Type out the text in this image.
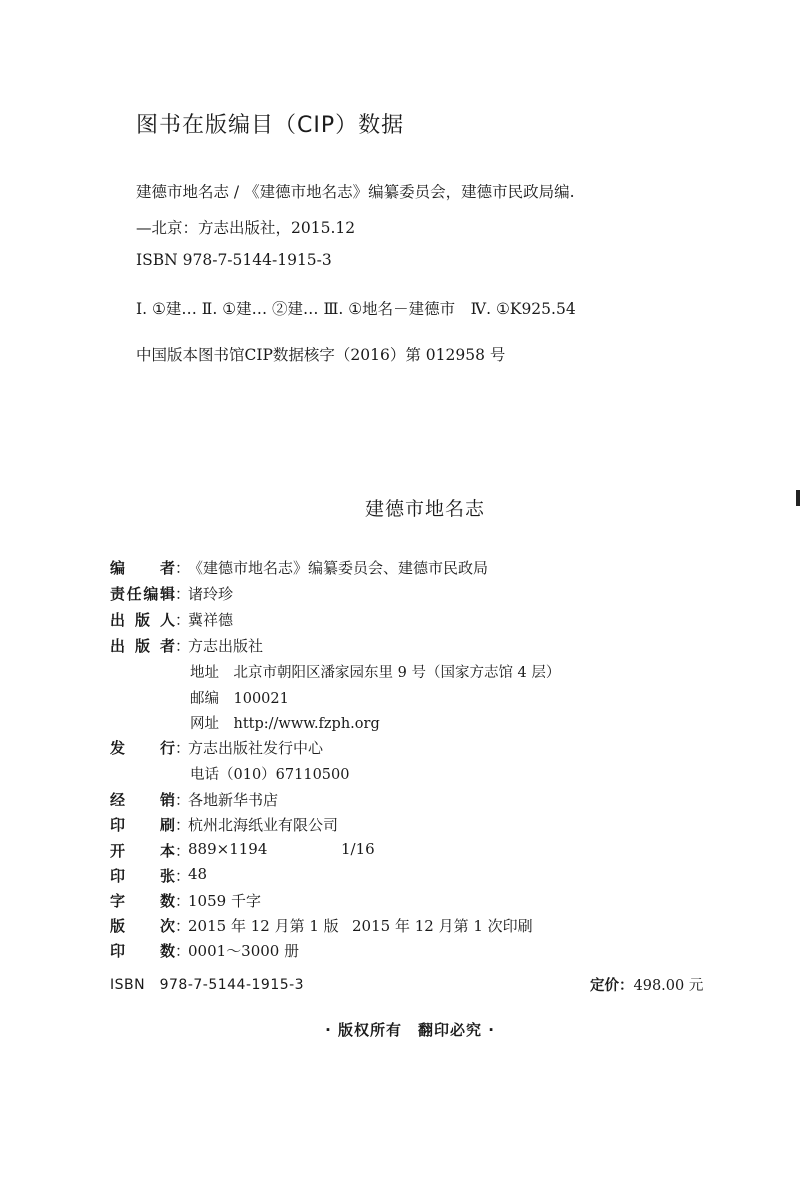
图书在版编目（CIP）数据
建德市地名志 / 《建德市地名志》编纂委员会，建德市民政局编.
—北京：方志出版社，2015.12
ISBN 978-7-5144-1915-3
Ⅰ. ①建… Ⅱ. ①建… ②建… Ⅲ. ①地名－建德市　Ⅳ. ①K925.54
中国版本图书馆CIP数据核字（2016）第 012958 号
建德市地名志
编　　者 ：
《建德市地名志》编纂委员会、建德市民政局
责任编辑 ：
诸玲珍
出 版 人 ：
冀祥德
出 版 者 ：
方志出版社
地址　北京市朝阳区潘家园东里 9 号（国家方志馆 4 层）
邮编　100021
网址　http://www.fzph.org
发　　行 ：
方志出版社发行中心
电话（010）67110500
经　　销 ：
各地新华书店
印　　刷 ：
杭州北海纸业有限公司
开　　本 ：
889×1194	1/16
印　　张 ：
48
字　　数 ：
1059 千字
版　　次 ：
2015 年 12 月第 1 版 2015 年 12 月第 1 次印刷
印　　数 ：
0001～3000 册
ISBN　978-7-5144-1915-3	定价：498.00 元
· 版权所有　翻印必究 ·
